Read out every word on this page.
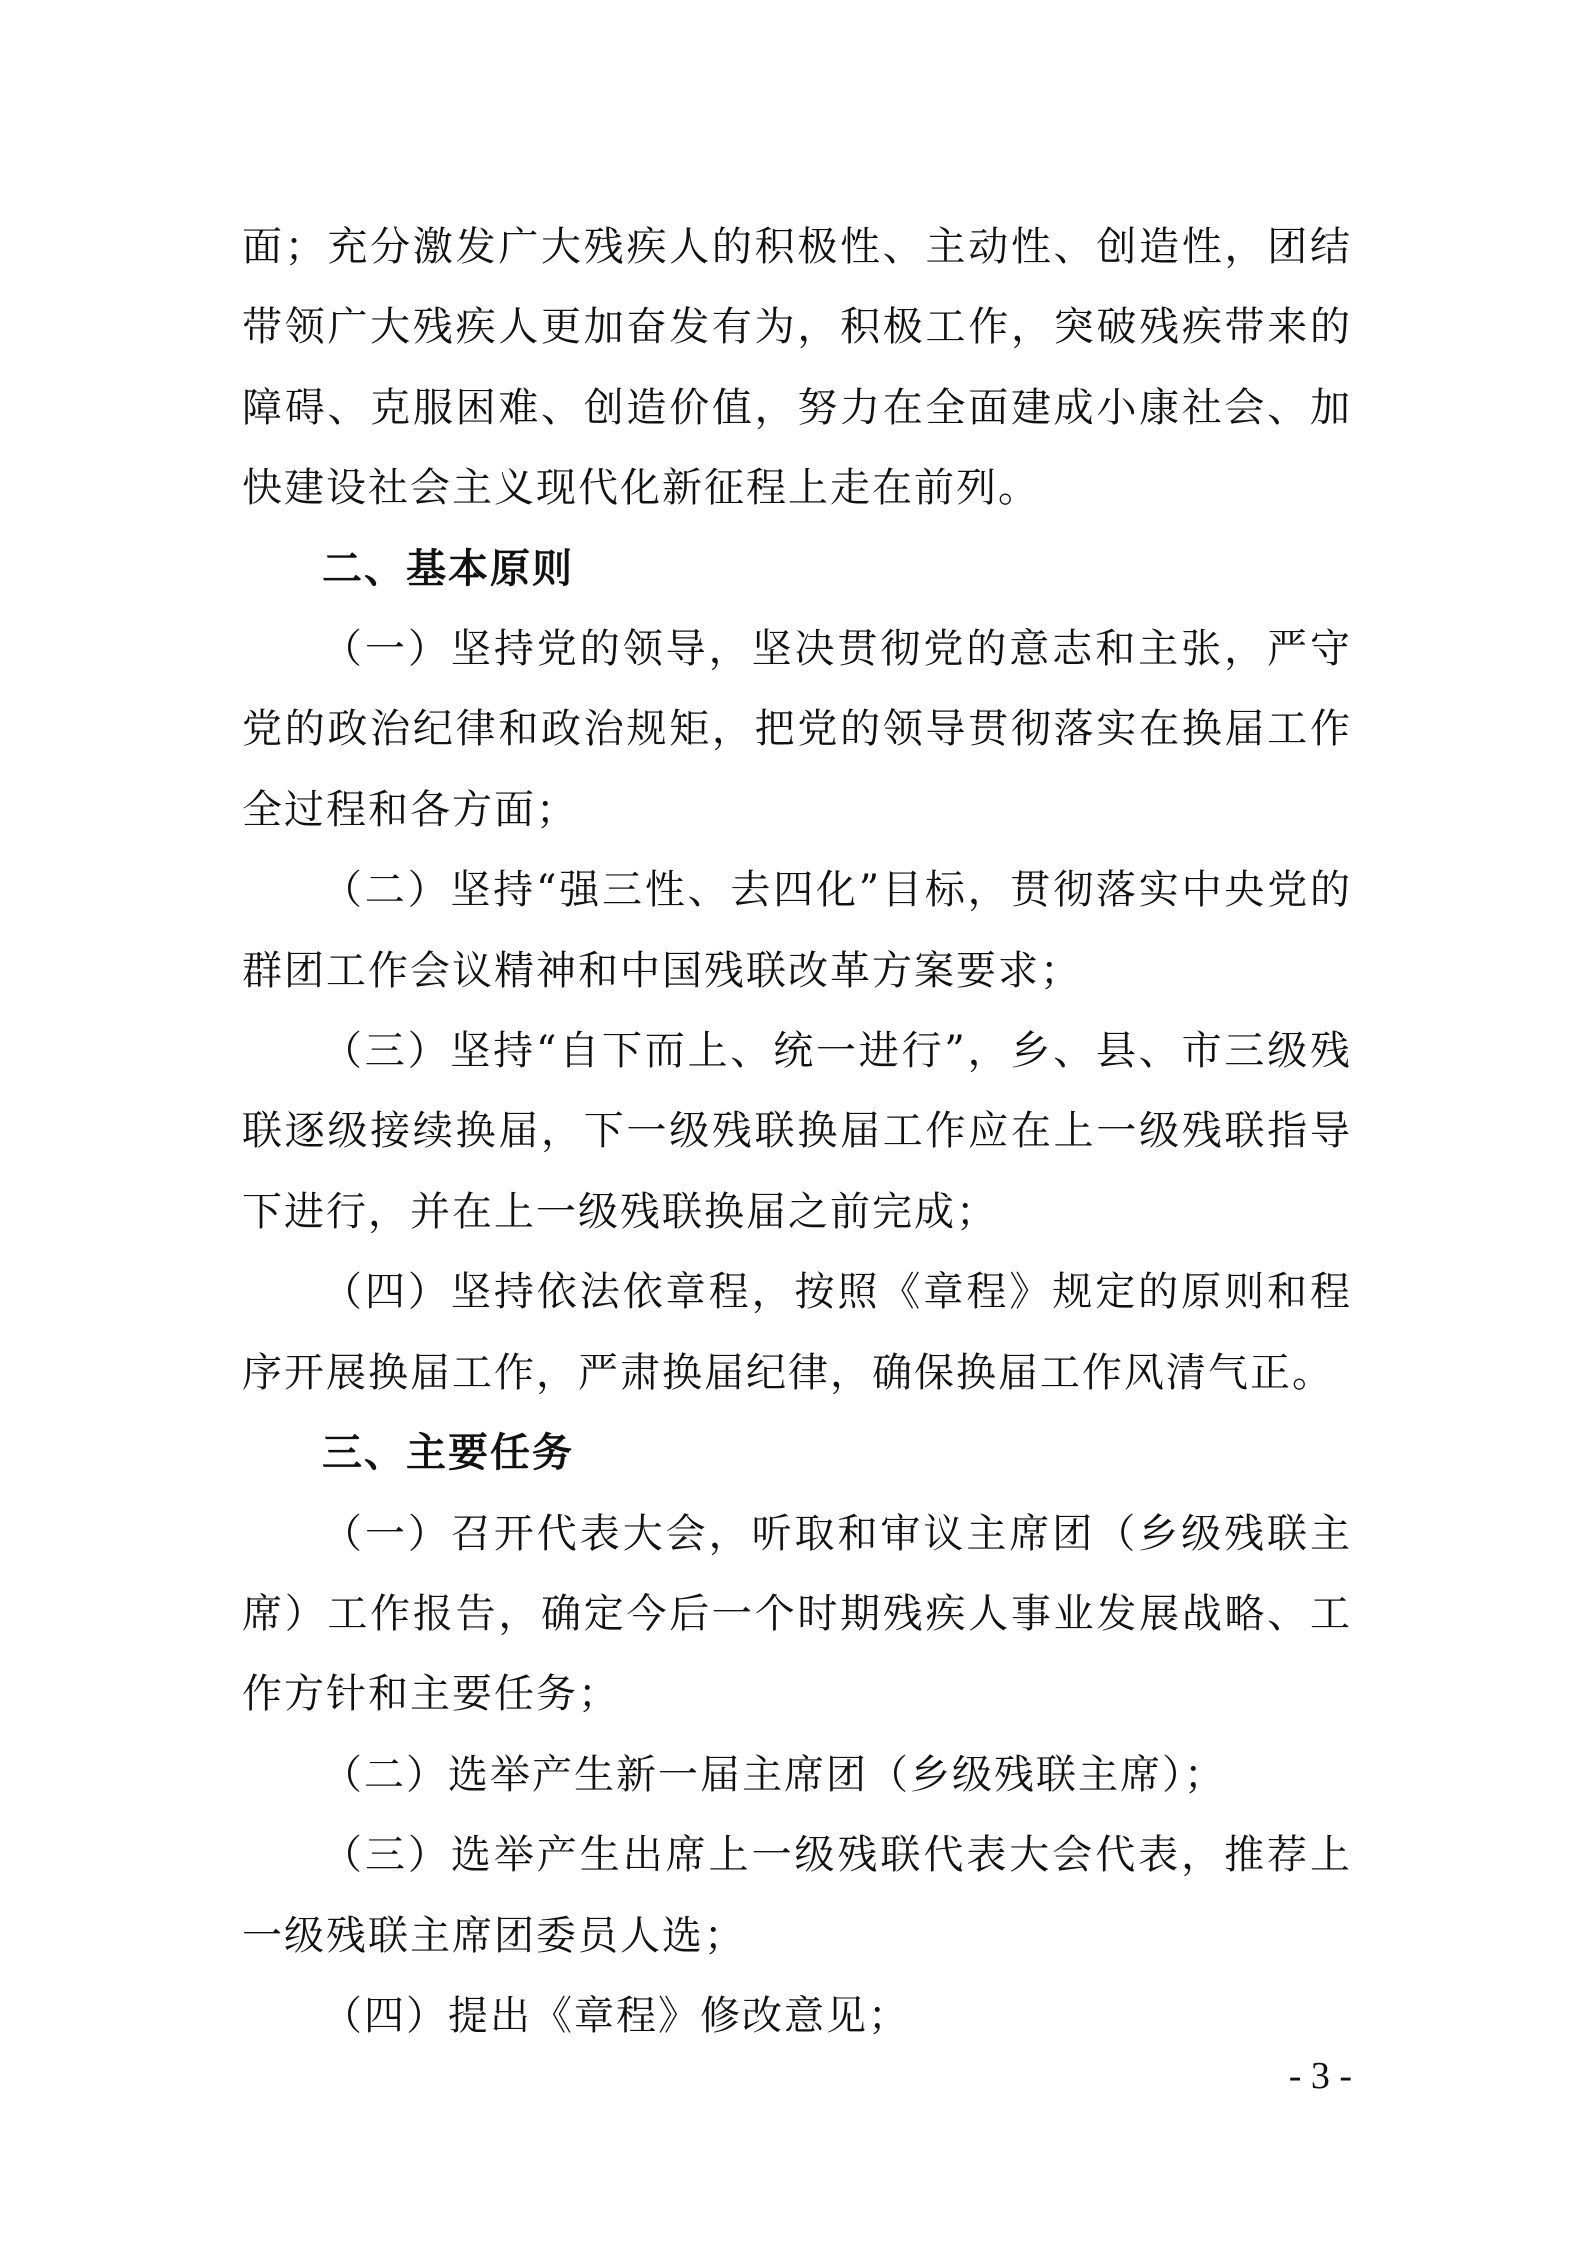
面；充分激发广大残疾人的积极性、主动性、创造性，团结带领广大残疾人更加奋发有为，积极工作，突破残疾带来的障碍、克服困难、创造价值，努力在全面建成小康社会、加快建设社会主义现代化新征程上走在前列。

二、基本原则

（一）坚持党的领导，坚决贯彻党的意志和主张，严守党的政治纪律和政治规矩，把党的领导贯彻落实在换届工作全过程和各方面；

（二）坚持“强三性、去四化”目标，贯彻落实中央党的群团工作会议精神和中国残联改革方案要求；

（三）坚持“自下而上、统一进行”，乡、县、市三级残联逐级接续换届，下一级残联换届工作应在上一级残联指导下进行，并在上一级残联换届之前完成；

（四）坚持依法依章程，按照《章程》规定的原则和程序开展换届工作，严肃换届纪律，确保换届工作风清气正。

三、主要任务

（一）召开代表大会，听取和审议主席团（乡级残联主席）工作报告，确定今后一个时期残疾人事业发展战略、工作方针和主要任务；

（二）选举产生新一届主席团（乡级残联主席）；

（三）选举产生出席上一级残联代表大会代表，推荐上一级残联主席团委员人选；

（四）提出《章程》修改意见；

- 3 -
